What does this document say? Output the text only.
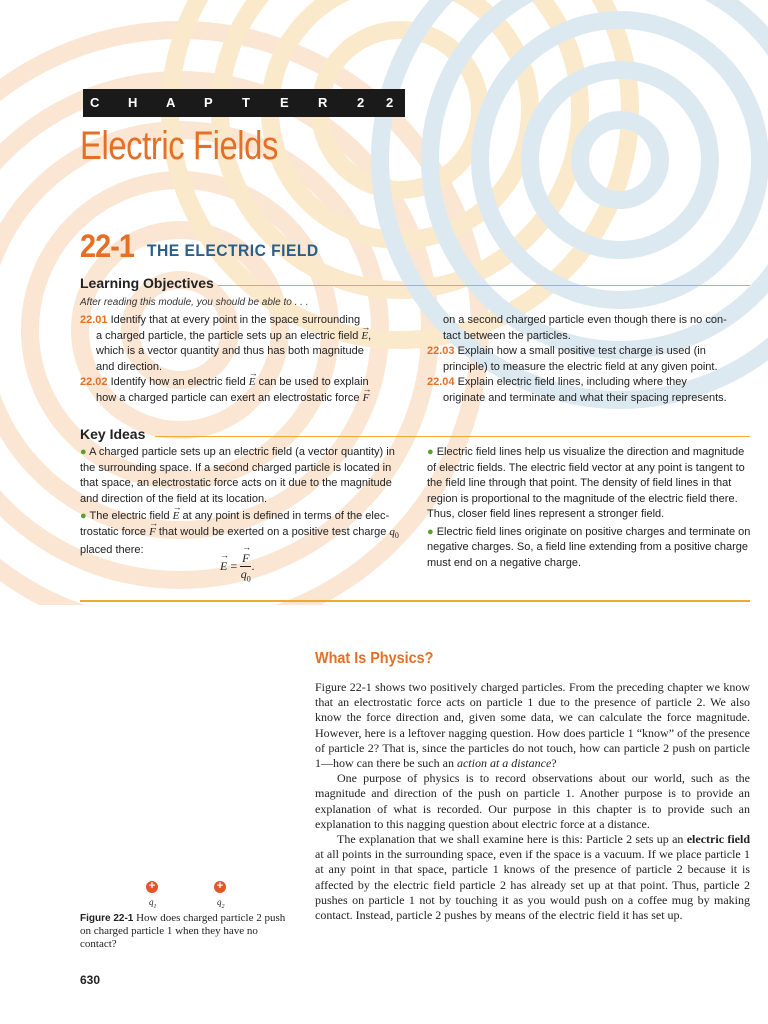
C H A P T E R 2 2
Electric Fields
22-1 THE ELECTRIC FIELD
Learning Objectives
After reading this module, you should be able to . . .

22.01 Identify that at every point in the space surrounding

a charged particle, the particle sets up an electric field → E,

which is a vector quantity and thus has both magnitude

and direction.

22.02 Identify how an electric field → E can be used to explain

how a charged particle can exert an electrostatic force → F

on a second charged particle even though there is no con-

tact between the particles.

22.03 Explain how a small positive test charge is used (in

principle) to measure the electric field at any given point.

22.04 Explain electric field lines, including where they

originate and terminate and what their spacing represents.

Key Ideas

● A charged particle sets up an electric field (a vector quantity) in the surrounding space. If a second charged particle is located in that space, an electrostatic force acts on it due to the magnitude and direction of the field at its location.

● The electric field → E at any point is defined in terms of the elec-trostatic force → F that would be exerted on a positive test charge $q_0$ placed there:

→ E =
→ $\frac{F}{q_0}$ .

● Electric field lines help us visualize the direction and magnitude of electric fields. The electric field vector at any point is tangent to the field line through that point. The density of field lines in that region is proportional to the magnitude of the electric field there. Thus, closer field lines represent a stronger field.

● Electric field lines originate on positive charges and terminate on negative charges. So, a field line extending from a positive charge must end on a negative charge.

What Is Physics?

Figure 22-1 shows two positively charged particles. From the preceding chapter we know that an electrostatic force acts on particle 1 due to the presence of particle 2. We also know the force direction and, given some data, we can calculate the force magnitude. However, here is a leftover nagging question. How does particle 1 “know” of the presence of particle 2? That is, since the particles do not touch, how can particle 2 push on particle 1—how can there be such an action at a distance?

One purpose of physics is to record observations about our world, such as the magnitude and direction of the push on particle 1. Another purpose is to provide an explanation of what is recorded. Our purpose in this chapter is to provide such an explanation to this nagging question about electric force at a distance.

The explanation that we shall examine here is this: Particle 2 sets up an electric field at all points in the surrounding space, even if the space is a vacuum. If we place particle 1 at any point in that space, particle 1 knows of the presence of particle 2 because it is affected by the electric field particle 2 has already set up at that point. Thus, particle 2 pushes on particle 1 not by touching it as you would push on a coffee mug by making contact. Instead, particle 2 pushes by means of the electric field it has set up.

+	+
$q_1$	$q_2$
Figure 22-1 How does charged particle 2 push on charged particle 1 when they have no contact?
630
